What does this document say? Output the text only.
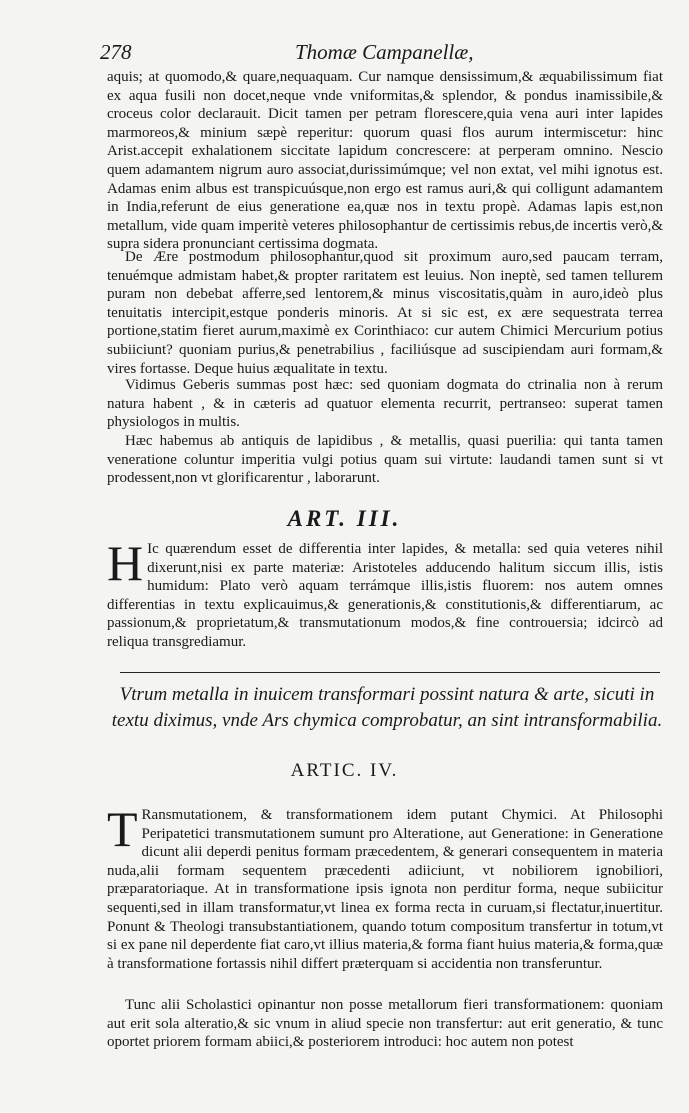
278	Thomæ Campanellæ,

aquis; at quomodo,& quare,nequaquam. Cur namque densissimum,& æquabilissimum fiat ex aqua fusili non docet,neque vnde vniformitas,& splendor, & pondus inamissibile,& croceus color declarauit. Dicit tamen per petram florescere,quia vena auri inter lapides marmoreos,& minium sæpè reperitur: quorum quasi flos aurum intermiscetur: hinc Arist.accepit exhalationem siccitate lapidum concrescere: at perperam omnino. Nescio quem adamantem nigrum auro associat,durissimúmque; vel non extat, vel mihi ignotus est. Adamas enim albus est transpicuúsque,non ergo est ramus auri,& qui colligunt adamantem in India,referunt de eius generatione ea,quæ nos in textu propè. Adamas lapis est,non metallum, vide quam imperitè veteres philosophantur de certissimis rebus,de incertis verò,& supra sidera pronunciant certissima dogmata.

De Ære postmodum philosophantur,quod sit proximum auro,sed paucam terram, tenuémque admistam habet,& propter raritatem est leuius. Non ineptè, sed tamen tellurem puram non debebat afferre,sed lentorem,& minus viscositatis,quàm in auro,ideò plus tenuitatis intercipit,estque ponderis minoris. At si sic est, ex ære sequestrata terrea portione,statim fieret aurum,maximè ex Corinthiaco: cur autem Chimici Mercurium potius subiiciunt? quoniam purius,& penetrabilius , faciliúsque ad suscipiendam auri formam,& vires fortasse. Deque huius æqualitate in textu.

Vidimus Geberis summas post hæc: sed quoniam dogmata do ctrinalia non à rerum natura habent , & in cæteris ad quatuor elementa recurrit, pertranseo: superat tamen physiologos in multis.

Hæc habemus ab antiquis de lapidibus , & metallis, quasi puerilia: qui tanta tamen veneratione coluntur imperitia vulgi potius quam sui virtute: laudandi tamen sunt si vt prodessent,non vt glorificarentur , laborarunt.

ART. III.

H Ic quærendum esset de differentia inter lapides, & metalla: sed quia veteres nihil dixerunt,nisi ex parte materiæ: Aristoteles adducendo halitum siccum illis, istis humidum: Plato verò aquam terrámque illis,istis fluorem: nos autem omnes differentias in textu explicauimus,& generationis,& constitutionis,& differentiarum, ac passionum,& proprietatum,& transmutationum modos,& fine controuersia; idcircò ad reliqua transgrediamur.

Vtrum metalla in inuicem transformari possint natura & arte, sicuti in textu diximus, vnde Ars chymica comprobatur, an sint intransformabilia.

ARTIC. IV.

T Ransmutationem, & transformationem idem putant Chymici. At Philosophi Peripatetici transmutationem sumunt pro Alteratione, aut Generatione: in Generatione dicunt alii deperdi penitus formam præcedentem, & generari consequentem in materia nuda,alii formam sequentem præcedenti adiiciunt, vt nobiliorem ignobiliori, præparatoriaque. At in transformatione ipsis ignota non perditur forma, neque subiicitur sequenti,sed in illam transformatur,vt linea ex forma recta in curuam,si flectatur,inuertitur. Ponunt & Theologi transubstantiationem, quando totum compositum transfertur in totum,vt si ex pane nil deperdente fiat caro,vt illius materia,& forma fiant huius materia,& forma,quæ à transformatione fortassis nihil differt præterquam si accidentia non transferuntur.

Tunc alii Scholastici opinantur non posse metallorum fieri transformationem: quoniam aut erit sola alteratio,& sic vnum in aliud specie non transfertur: aut erit generatio, & tunc oportet priorem formam abiici,& posteriorem introduci: hoc autem non potest
